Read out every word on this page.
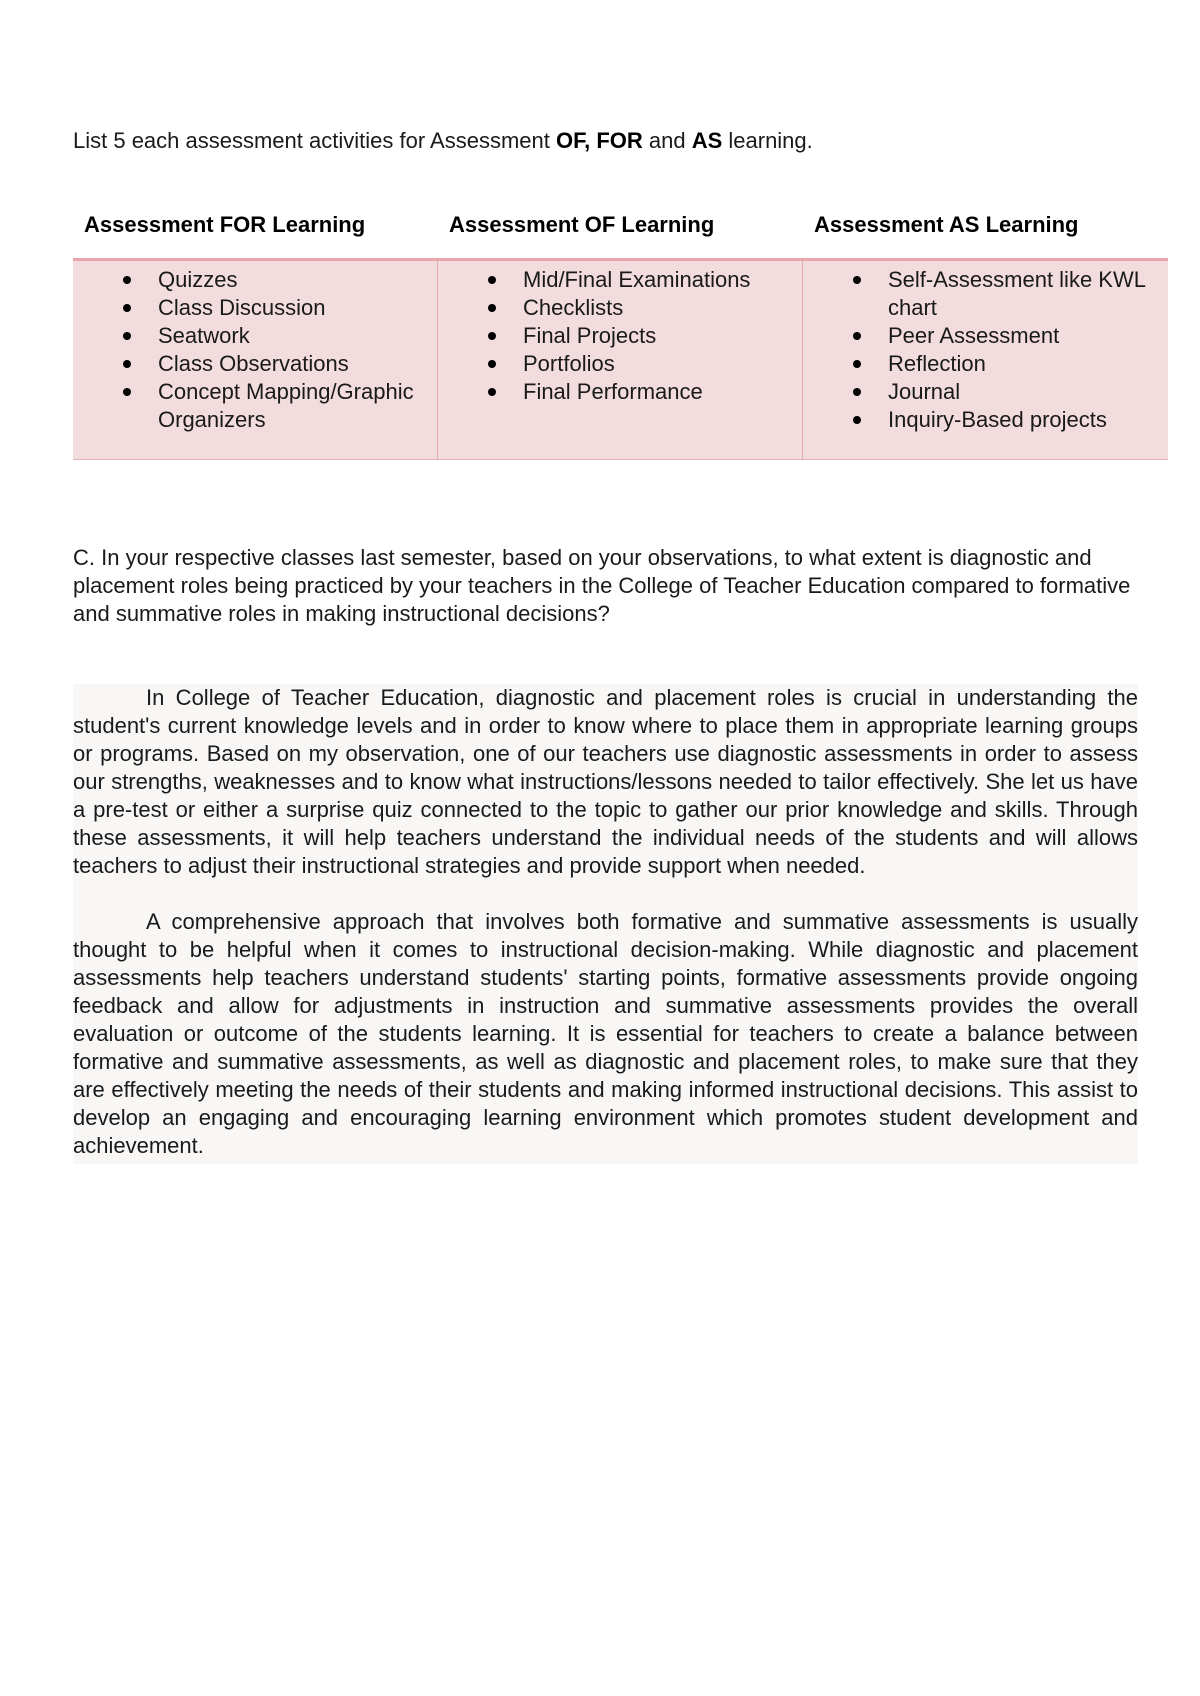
List 5 each assessment activities for Assessment OF, FOR and AS learning.
Assessment FOR Learning	Assessment OF Learning	Assessment AS Learning
Quizzes
Class Discussion
Seatwork
Class Observations
Concept Mapping/Graphic Organizers
Mid/Final Examinations
Checklists
Final Projects
Portfolios
Final Performance
Self-Assessment like KWL chart
Peer Assessment
Reflection
Journal
Inquiry-Based projects
C. In your respective classes last semester, based on your observations, to what extent is diagnostic and placement roles being practiced by your teachers in the College of Teacher Education compared to formative and summative roles in making instructional decisions?

In College of Teacher Education, diagnostic and placement roles is crucial in understanding the student's current knowledge levels and in order to know where to place them in appropriate learning groups or programs. Based on my observation, one of our teachers use diagnostic assessments in order to assess our strengths, weaknesses and to know what instructions/lessons needed to tailor effectively. She let us have a pre-test or either a surprise quiz connected to the topic to gather our prior knowledge and skills. Through these assessments, it will help teachers understand the individual needs of the students and will allows teachers to adjust their instructional strategies and provide support when needed.

A comprehensive approach that involves both formative and summative assessments is usually thought to be helpful when it comes to instructional decision-making. While diagnostic and placement assessments help teachers understand students' starting points, formative assessments provide ongoing feedback and allow for adjustments in instruction and summative assessments provides the overall evaluation or outcome of the students learning. It is essential for teachers to create a balance between formative and summative assessments, as well as diagnostic and placement roles, to make sure that they are effectively meeting the needs of their students and making informed instructional decisions. This assist to develop an engaging and encouraging learning environment which promotes student development and achievement.
